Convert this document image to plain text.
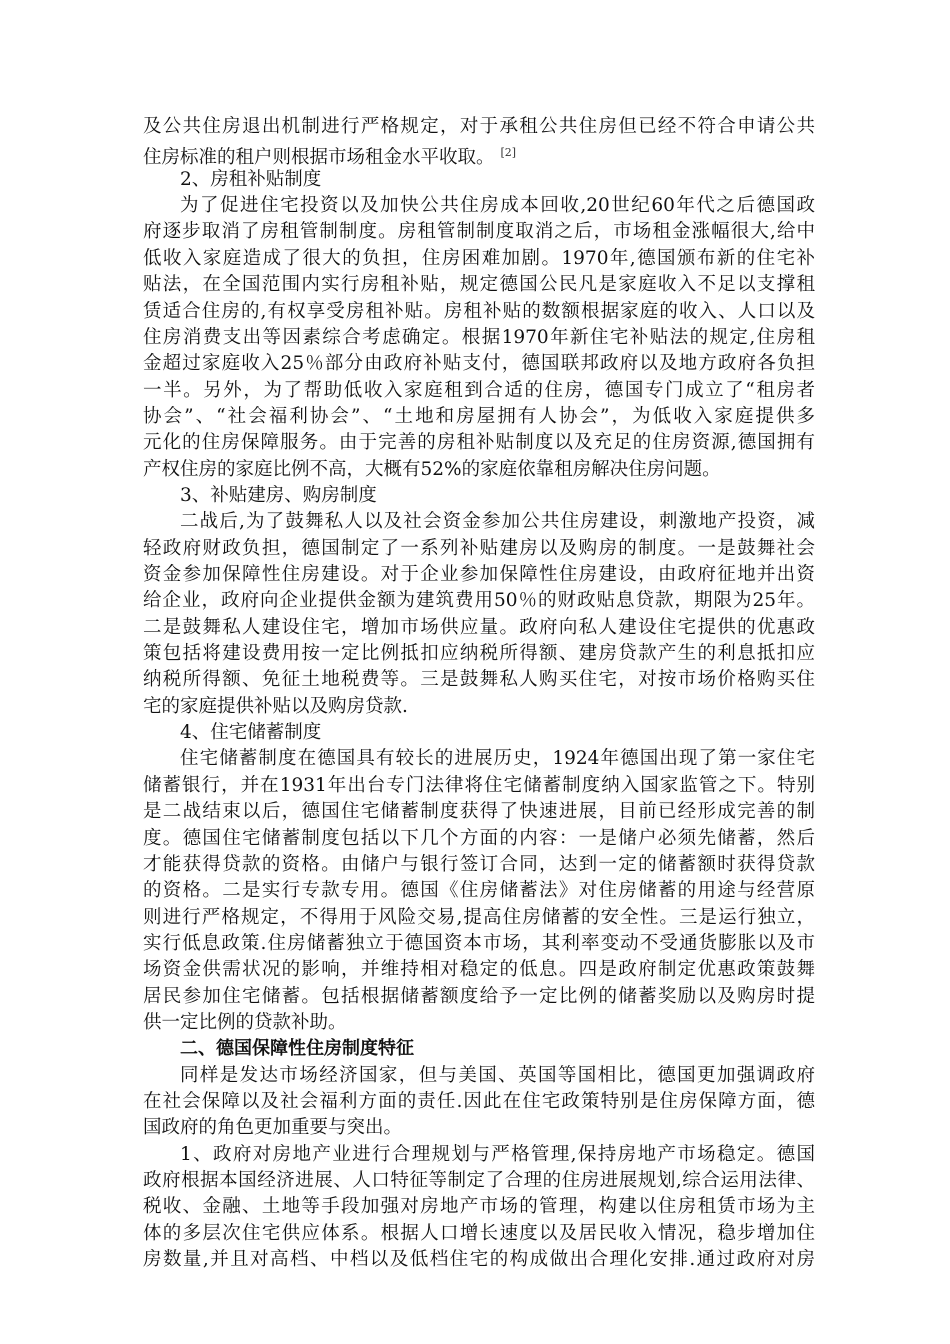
及公共住房退出机制进行严格规定，对于承租公共住房但已经不符合申请公共
住房标准的租户则根据市场租金水平收取。 [2]
2、房租补贴制度
为了促进住宅投资以及加快公共住房成本回收,20世纪60年代之后德国政
府逐步取消了房租管制制度。房租管制制度取消之后，市场租金涨幅很大,给中
低收入家庭造成了很大的负担，住房困难加剧。1970年,德国颁布新的住宅补
贴法，在全国范围内实行房租补贴，规定德国公民凡是家庭收入不足以支撑租
赁适合住房的,有权享受房租补贴。房租补贴的数额根据家庭的收入、人口以及
住房消费支出等因素综合考虑确定。根据1970年新住宅补贴法的规定,住房租
金超过家庭收入25％部分由政府补贴支付，德国联邦政府以及地方政府各负担
一半。另外，为了帮助低收入家庭租到合适的住房，德国专门成立了“租房者
协会”、“社会福利协会”、“土地和房屋拥有人协会”，为低收入家庭提供多
元化的住房保障服务。由于完善的房租补贴制度以及充足的住房资源,德国拥有
产权住房的家庭比例不高，大概有52%的家庭依靠租房解决住房问题。
3、补贴建房、购房制度
二战后,为了鼓舞私人以及社会资金参加公共住房建设，刺激地产投资，减
轻政府财政负担，德国制定了一系列补贴建房以及购房的制度。一是鼓舞社会
资金参加保障性住房建设。对于企业参加保障性住房建设，由政府征地并出资
给企业，政府向企业提供金额为建筑费用50％的财政贴息贷款，期限为25年。
二是鼓舞私人建设住宅，增加市场供应量。政府向私人建设住宅提供的优惠政
策包括将建设费用按一定比例抵扣应纳税所得额、建房贷款产生的利息抵扣应
纳税所得额、免征土地税费等。三是鼓舞私人购买住宅，对按市场价格购买住
宅的家庭提供补贴以及购房贷款.
4、住宅储蓄制度
住宅储蓄制度在德国具有较长的进展历史，1924年德国出现了第一家住宅
储蓄银行，并在1931年出台专门法律将住宅储蓄制度纳入国家监管之下。特别
是二战结束以后，德国住宅储蓄制度获得了快速进展，目前已经形成完善的制
度。德国住宅储蓄制度包括以下几个方面的内容：一是储户必须先储蓄，然后
才能获得贷款的资格。由储户与银行签订合同，达到一定的储蓄额时获得贷款
的资格。二是实行专款专用。德国《住房储蓄法》对住房储蓄的用途与经营原
则进行严格规定，不得用于风险交易,提高住房储蓄的安全性。三是运行独立，
实行低息政策.住房储蓄独立于德国资本市场，其利率变动不受通货膨胀以及市
场资金供需状况的影响，并维持相对稳定的低息。四是政府制定优惠政策鼓舞
居民参加住宅储蓄。包括根据储蓄额度给予一定比例的储蓄奖励以及购房时提
供一定比例的贷款补助。
二、德国保障性住房制度特征
同样是发达市场经济国家，但与美国、英国等国相比，德国更加强调政府
在社会保障以及社会福利方面的责任.因此在住宅政策特别是住房保障方面，德
国政府的角色更加重要与突出。
1、政府对房地产业进行合理规划与严格管理,保持房地产市场稳定。德国
政府根据本国经济进展、人口特征等制定了合理的住房进展规划,综合运用法律、
税收、金融、土地等手段加强对房地产市场的管理，构建以住房租赁市场为主
体的多层次住宅供应体系。根据人口增长速度以及居民收入情况，稳步增加住
房数量,并且对高档、中档以及低档住宅的构成做出合理化安排.通过政府对房
